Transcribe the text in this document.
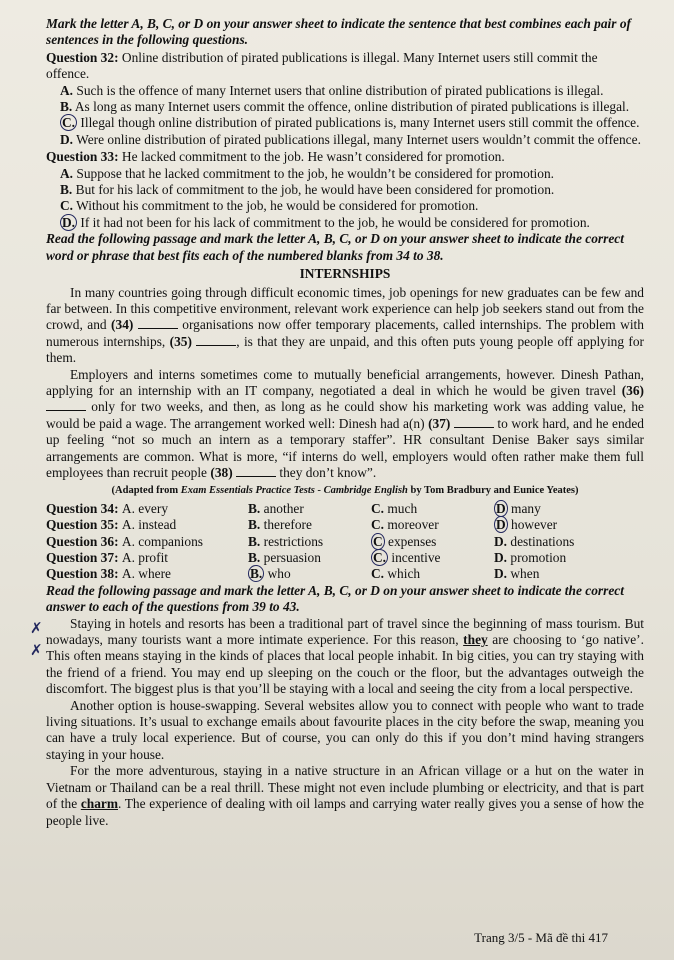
Mark the letter A, B, C, or D on your answer sheet to indicate the sentence that best combines each pair of sentences in the following questions.
Question 32: Online distribution of pirated publications is illegal. Many Internet users still commit the offence.
A. Such is the offence of many Internet users that online distribution of pirated publications is illegal.
B. As long as many Internet users commit the offence, online distribution of pirated publications is illegal.
C. Illegal though online distribution of pirated publications is, many Internet users still commit the offence.
D. Were online distribution of pirated publications illegal, many Internet users wouldn’t commit the offence.
Question 33: He lacked commitment to the job. He wasn’t considered for promotion.
A. Suppose that he lacked commitment to the job, he wouldn’t be considered for promotion.
B. But for his lack of commitment to the job, he would have been considered for promotion.
C. Without his commitment to the job, he would be considered for promotion.
D. If it had not been for his lack of commitment to the job, he would be considered for promotion.
Read the following passage and mark the letter A, B, C, or D on your answer sheet to indicate the correct word or phrase that best fits each of the numbered blanks from 34 to 38.
INTERNSHIPS
In many countries going through difficult economic times, job openings for new graduates can be few and far between. In this competitive environment, relevant work experience can help job seekers stand out from the crowd, and (34)	organisations now offer temporary placements, called internships. The problem with numerous internships, (35)	, is that they are unpaid, and this often puts young people off applying for them.
Employers and interns sometimes come to mutually beneficial arrangements, however. Dinesh Pathan, applying for an internship with an IT company, negotiated a deal in which he would be given travel (36)  only for two weeks, and then, as long as he could show his marketing work was adding value, he would be paid a wage. The arrangement worked well: Dinesh had a(n) (37)	to work hard, and he ended up feeling “not so much an intern as a temporary staffer”. HR consultant Denise Baker says similar arrangements are common. What is more, “if interns do well, employers would often rather make them full employees than recruit people (38)	they don’t know”.
(Adapted from Exam Essentials Practice Tests - Cambridge English by Tom Bradbury and Eunice Yeates)
Question 34: A. every	B. another	C. much	D many
Question 35: A. instead	B. therefore	C. moreover	D however
Question 36: A. companions	B. restrictions	C expenses	D. destinations
Question 37: A. profit	B. persuasion	C. incentive	D. promotion
Question 38: A. where	B. who	C. which	D. when
Read the following passage and mark the letter A, B, C, or D on your answer sheet to indicate the correct answer to each of the questions from 39 to 43.
Staying in hotels and resorts has been a traditional part of travel since the beginning of mass tourism. But nowadays, many tourists want a more intimate experience. For this reason, they are choosing to ‘go native’. This often means staying in the kinds of places that local people inhabit. In big cities, you can try staying with the friend of a friend. You may end up sleeping on the couch or the floor, but the advantages outweigh the discomfort. The biggest plus is that you’ll be staying with a local and seeing the city from a local perspective.
Another option is house-swapping. Several websites allow you to connect with people who want to trade living situations. It’s usual to exchange emails about favourite places in the city before the swap, meaning you can have a truly local experience. But of course, you can only do this if you don’t mind having strangers staying in your house.
For the more adventurous, staying in a native structure in an African village or a hut on the water in Vietnam or Thailand can be a real thrill. These might not even include plumbing or electricity, and that is part of the charm. The experience of dealing with oil lamps and carrying water really gives you a sense of how the people live.
✗
✗
Trang 3/5 - Mã đề thi 417
